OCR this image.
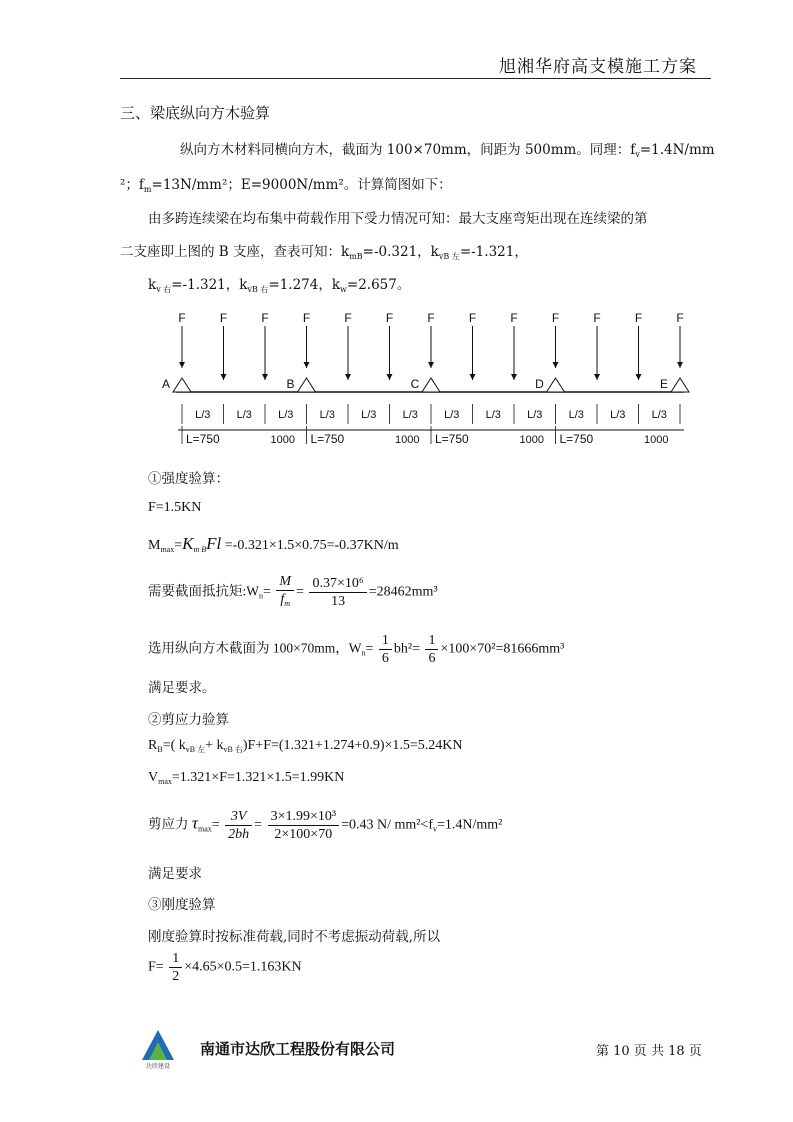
旭湘华府高支模施工方案
三、梁底纵向方木验算
纵向方木材料同横向方木，截面为 100×70mm，间距为 500mm。同理：$f_v=1.4N/mm$
²；$f_m=13N$/mm²；E=9000N/mm²。计算简图如下：
由多跨连续梁在均布集中荷载作用下受力情况可知：最大支座弯矩出现在连续梁的第
二支座即上图的 B 支座，查表可知：$k_{mB}=-0.321$，$k_{vB 左}=-1.321$，
$k_{v 右}=-1.321$，$k_{vB 右}=1.274$，$k_w=2.657$。
F	F	F	F	F	F	F	F	F	F	F	F	F
A	B	C	D	E
L/3 L/3 L/3 L/3 L/3 L/3 L/3 L/3 L/3 L/3 L/3 L/3
L=750	1000 L=750	1000 L=750	1000 L=750	1000
①强度验算：
F=1.5KN
$M_{max}=K_{m B}Fl =-0.321\times 1.5\times 0.75=-0.37KN/m$
需要截面抵抗矩$:W_n= \frac{M}{f_m} = \frac{\text{0.37×10⁶}}{13} =28462mm^3$
选用纵向方木截面为 100×70mm，$W_n= \frac{1}{6} bh^2= \frac{1}{6} \times 100\times 70^2=81666mm^3$
满足要求。
②剪应力验算
$R_B=$( $k_{vB 左}+ k_{vB 右})F+F=(1.321+1.274+0.9)\times 1.5=5.24KN$
$V_{max}=1.321\times F=1.321\times 1.5=1.99KN$
剪应力 $\tau_{max}= \frac{3V}{2bh} = \frac{\text{3×1.99×10³}}{2\times 100\times 70} =0.43$ N/ $mm^2<f_v=1.4N$/mm²
满足要求
③刚度验算
刚度验算时按标准荷载,同时不考虑振动荷载,所以
$F= \frac{1}{2} \times 4.65\times 0.5=1.163KN$
达欣建设
南通市达欣工程股份有限公司	第 10 页 共 18 页
